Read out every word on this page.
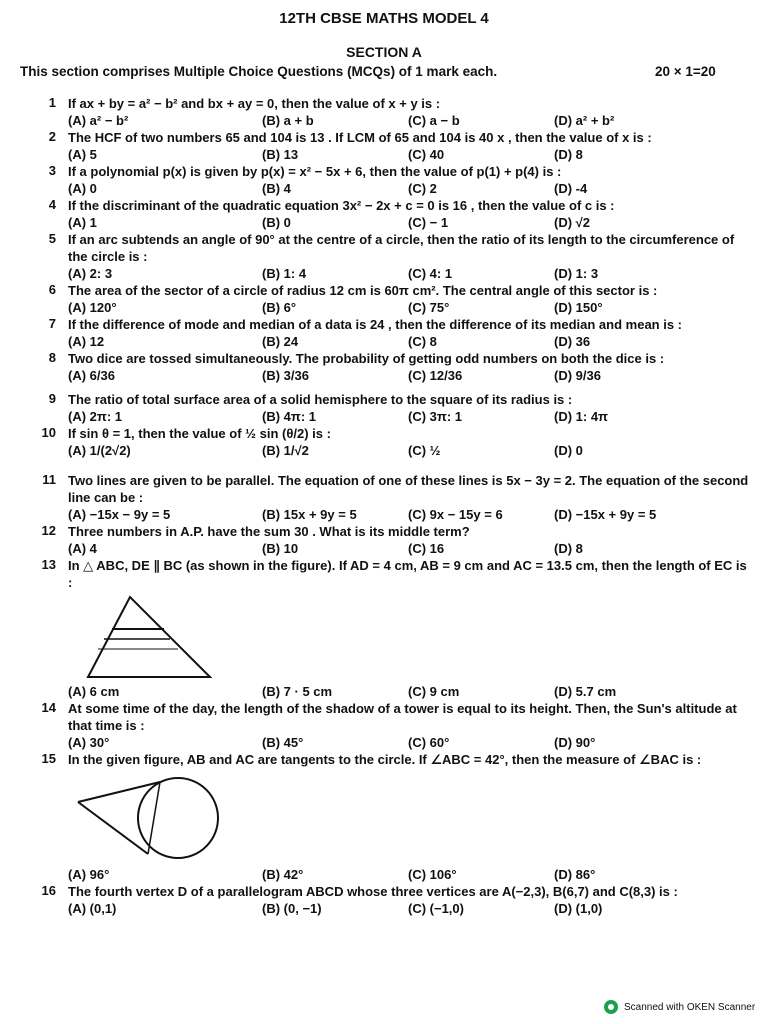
12TH CBSE MATHS MODEL 4
SECTION A
This section comprises Multiple Choice Questions (MCQs) of 1 mark each.	20 × 1=20
1 If ax + by = a² − b² and bx + ay = 0, then the value of x + y is :
(A) a² − b²	(B) a + b	(C) a − b	(D) a² + b²
2 The HCF of two numbers 65 and 104 is 13 . If LCM of 65 and 104 is 40 x , then the value of x is :
(A) 5	(B) 13	(C) 40	(D) 8
3 If a polynomial p(x) is given by p(x) = x² − 5x + 6, then the value of p(1) + p(4) is :
(A) 0	(B) 4	(C) 2	(D) -4
4 If the discriminant of the quadratic equation 3x² − 2x + c = 0 is 16 , then the value of c is :
(A) 1	(B) 0	(C) − 1	(D) √2
5 If an arc subtends an angle of 90° at the centre of a circle, then the ratio of its length to the circumference of the circle is :
(A) 2: 3	(B) 1: 4	(C) 4: 1	(D) 1: 3
6 The area of the sector of a circle of radius 12 cm is 60π cm². The central angle of this sector is :
(A) 120°	(B) 6°	(C) 75°	(D) 150°
7 If the difference of mode and median of a data is 24 , then the difference of its median and mean is :
(A) 12	(B) 24	(C) 8	(D) 36
8 Two dice are tossed simultaneously. The probability of getting odd numbers on both the dice is :
(A) 6/36	(B) 3/36	(C) 12/36	(D) 9/36
9 The ratio of total surface area of a solid hemisphere to the square of its radius is :
(A) 2π: 1	(B) 4π: 1	(C) 3π: 1	(D) 1: 4π
10 If sin θ = 1, then the value of ½ sin (θ/2) is :
(A) 1/(2√2)	(B) 1/√2	(C) ½	(D) 0
11 Two lines are given to be parallel. The equation of one of these lines is 5x − 3y = 2. The equation of the second line can be :
(A) −15x − 9y = 5	(B) 15x + 9y = 5	(C) 9x − 15y = 6	(D) −15x + 9y = 5
12 Three numbers in A.P. have the sum 30 . What is its middle term?
(A) 4	(B) 10	(C) 16	(D) 8
13 In △ ABC, DE ∥ BC (as shown in the figure). If AD = 4 cm, AB = 9 cm and AC = 13.5 cm, then the length of EC is :
(A) 6 cm	(B) 7 · 5 cm	(C) 9 cm	(D) 5.7 cm
14 At some time of the day, the length of the shadow of a tower is equal to its height. Then, the Sun's altitude at that time is :
(A) 30°	(B) 45°	(C) 60°	(D) 90°
15 In the given figure, AB and AC are tangents to the circle. If ∠ABC = 42°, then the measure of ∠BAC is :
(A) 96°	(B) 42°	(C) 106°	(D) 86°
16 The fourth vertex D of a parallelogram ABCD whose three vertices are A(−2,3), B(6,7) and C(8,3) is :
(A) (0,1)	(B) (0, −1)	(C) (−1,0)	(D) (1,0)
Scanned with OKEN Scanner
